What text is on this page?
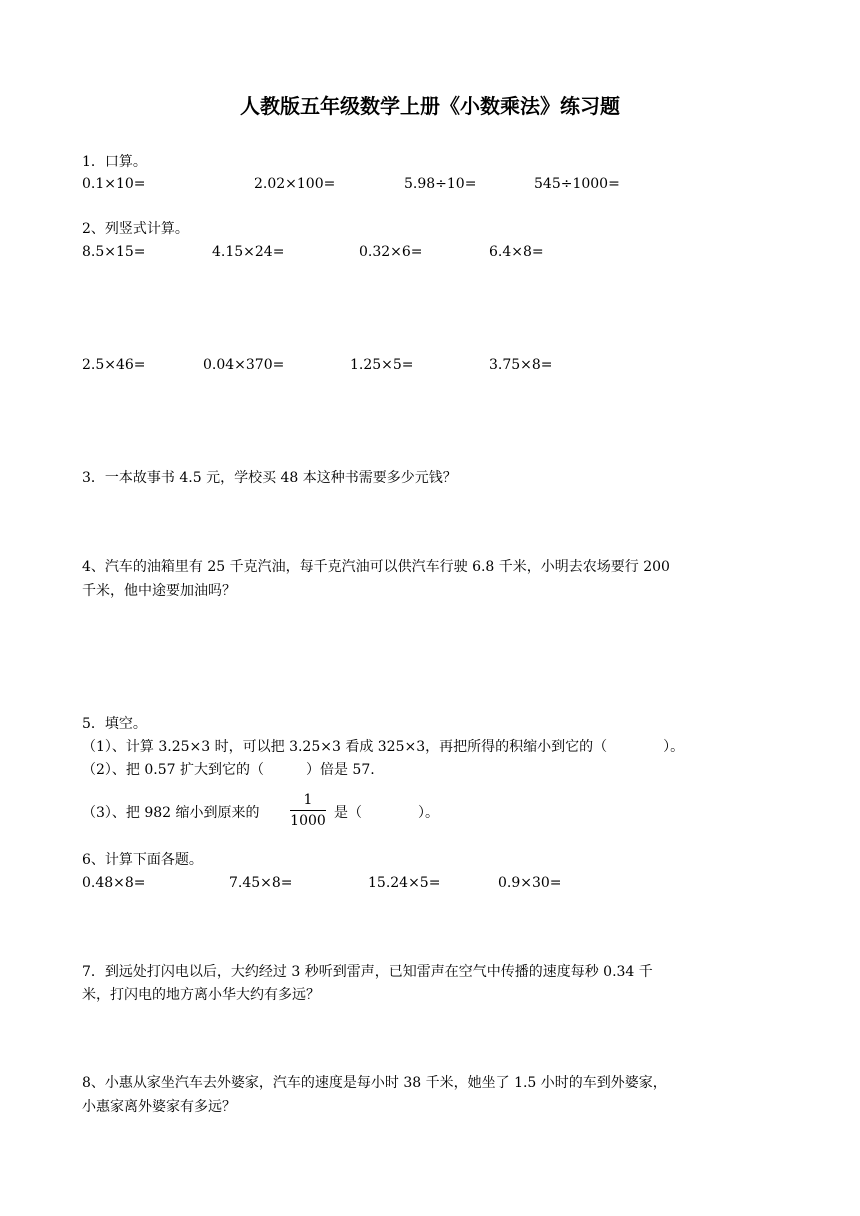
人教版五年级数学上册《小数乘法》练习题
1．口算。
0.1×10=	2.02×100=	5.98÷10=	545÷1000=
2、列竖式计算。
8.5×15=	4.15×24=	0.32×6=	6.4×8=
2.5×46=	0.04×370=	1.25×5=	3.75×8=
3．一本故事书 4.5 元，学校买 48 本这种书需要多少元钱？
4、汽车的油箱里有 25 千克汽油，每千克汽油可以供汽车行驶 6.8 千米，小明去农场要行 200
千米，他中途要加油吗？
5．填空。
（1）、计算 3.25×3 时，可以把 3.25×3 看成 325×3，再把所得的积缩小到它的（　　　　）。
（2）、把 0.57 扩大到它的（　　　）倍是 57.
（3）、把 982 缩小到原来的
1
1000 是（　　　　）。
6、计算下面各题。
0.48×8=	7.45×8=	15.24×5=	0.9×30=
7．到远处打闪电以后，大约经过 3 秒听到雷声，已知雷声在空气中传播的速度每秒 0.34 千
米，打闪电的地方离小华大约有多远？
8、小惠从家坐汽车去外婆家，汽车的速度是每小时 38 千米，她坐了 1.5 小时的车到外婆家，
小惠家离外婆家有多远？
